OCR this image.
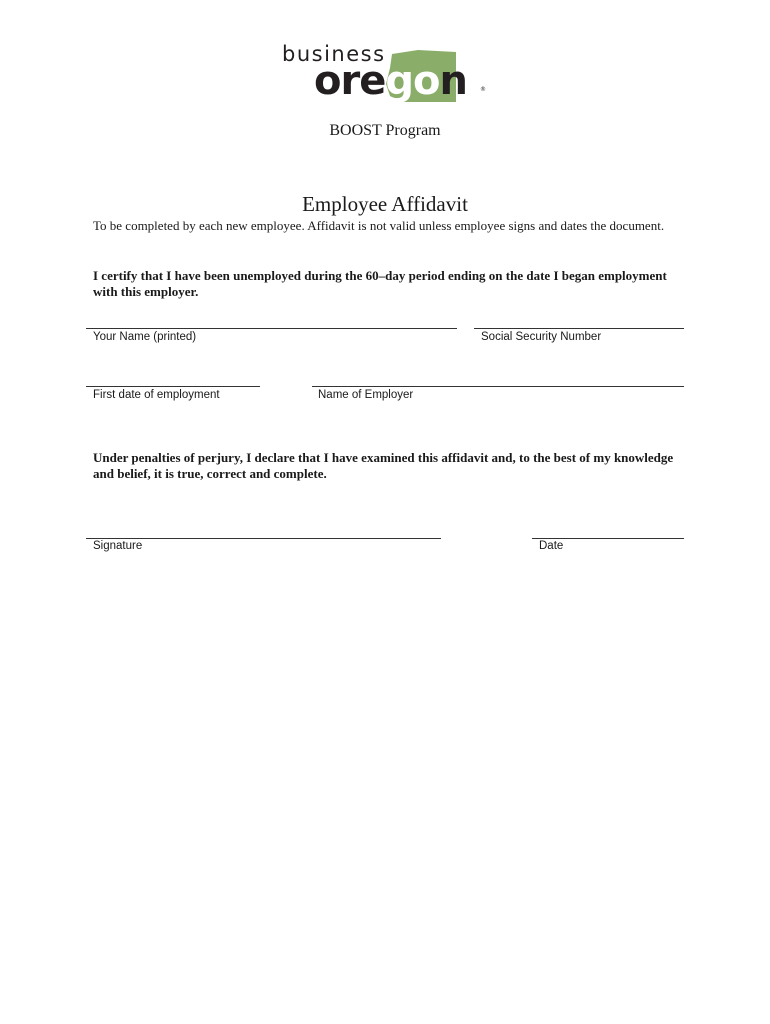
business
oregon ®
BOOST Program
Employee Affidavit
To be completed by each new employee. Affidavit is not valid unless employee signs and dates the document.
I certify that I have been unemployed during the 60–day period ending on the date I began employment with this employer.
Your Name (printed)	Social Security Number
First date of employment	Name of Employer
Under penalties of perjury, I declare that I have examined this affidavit and, to the best of my knowledge and belief, it is true, correct and complete.
Signature	Date
